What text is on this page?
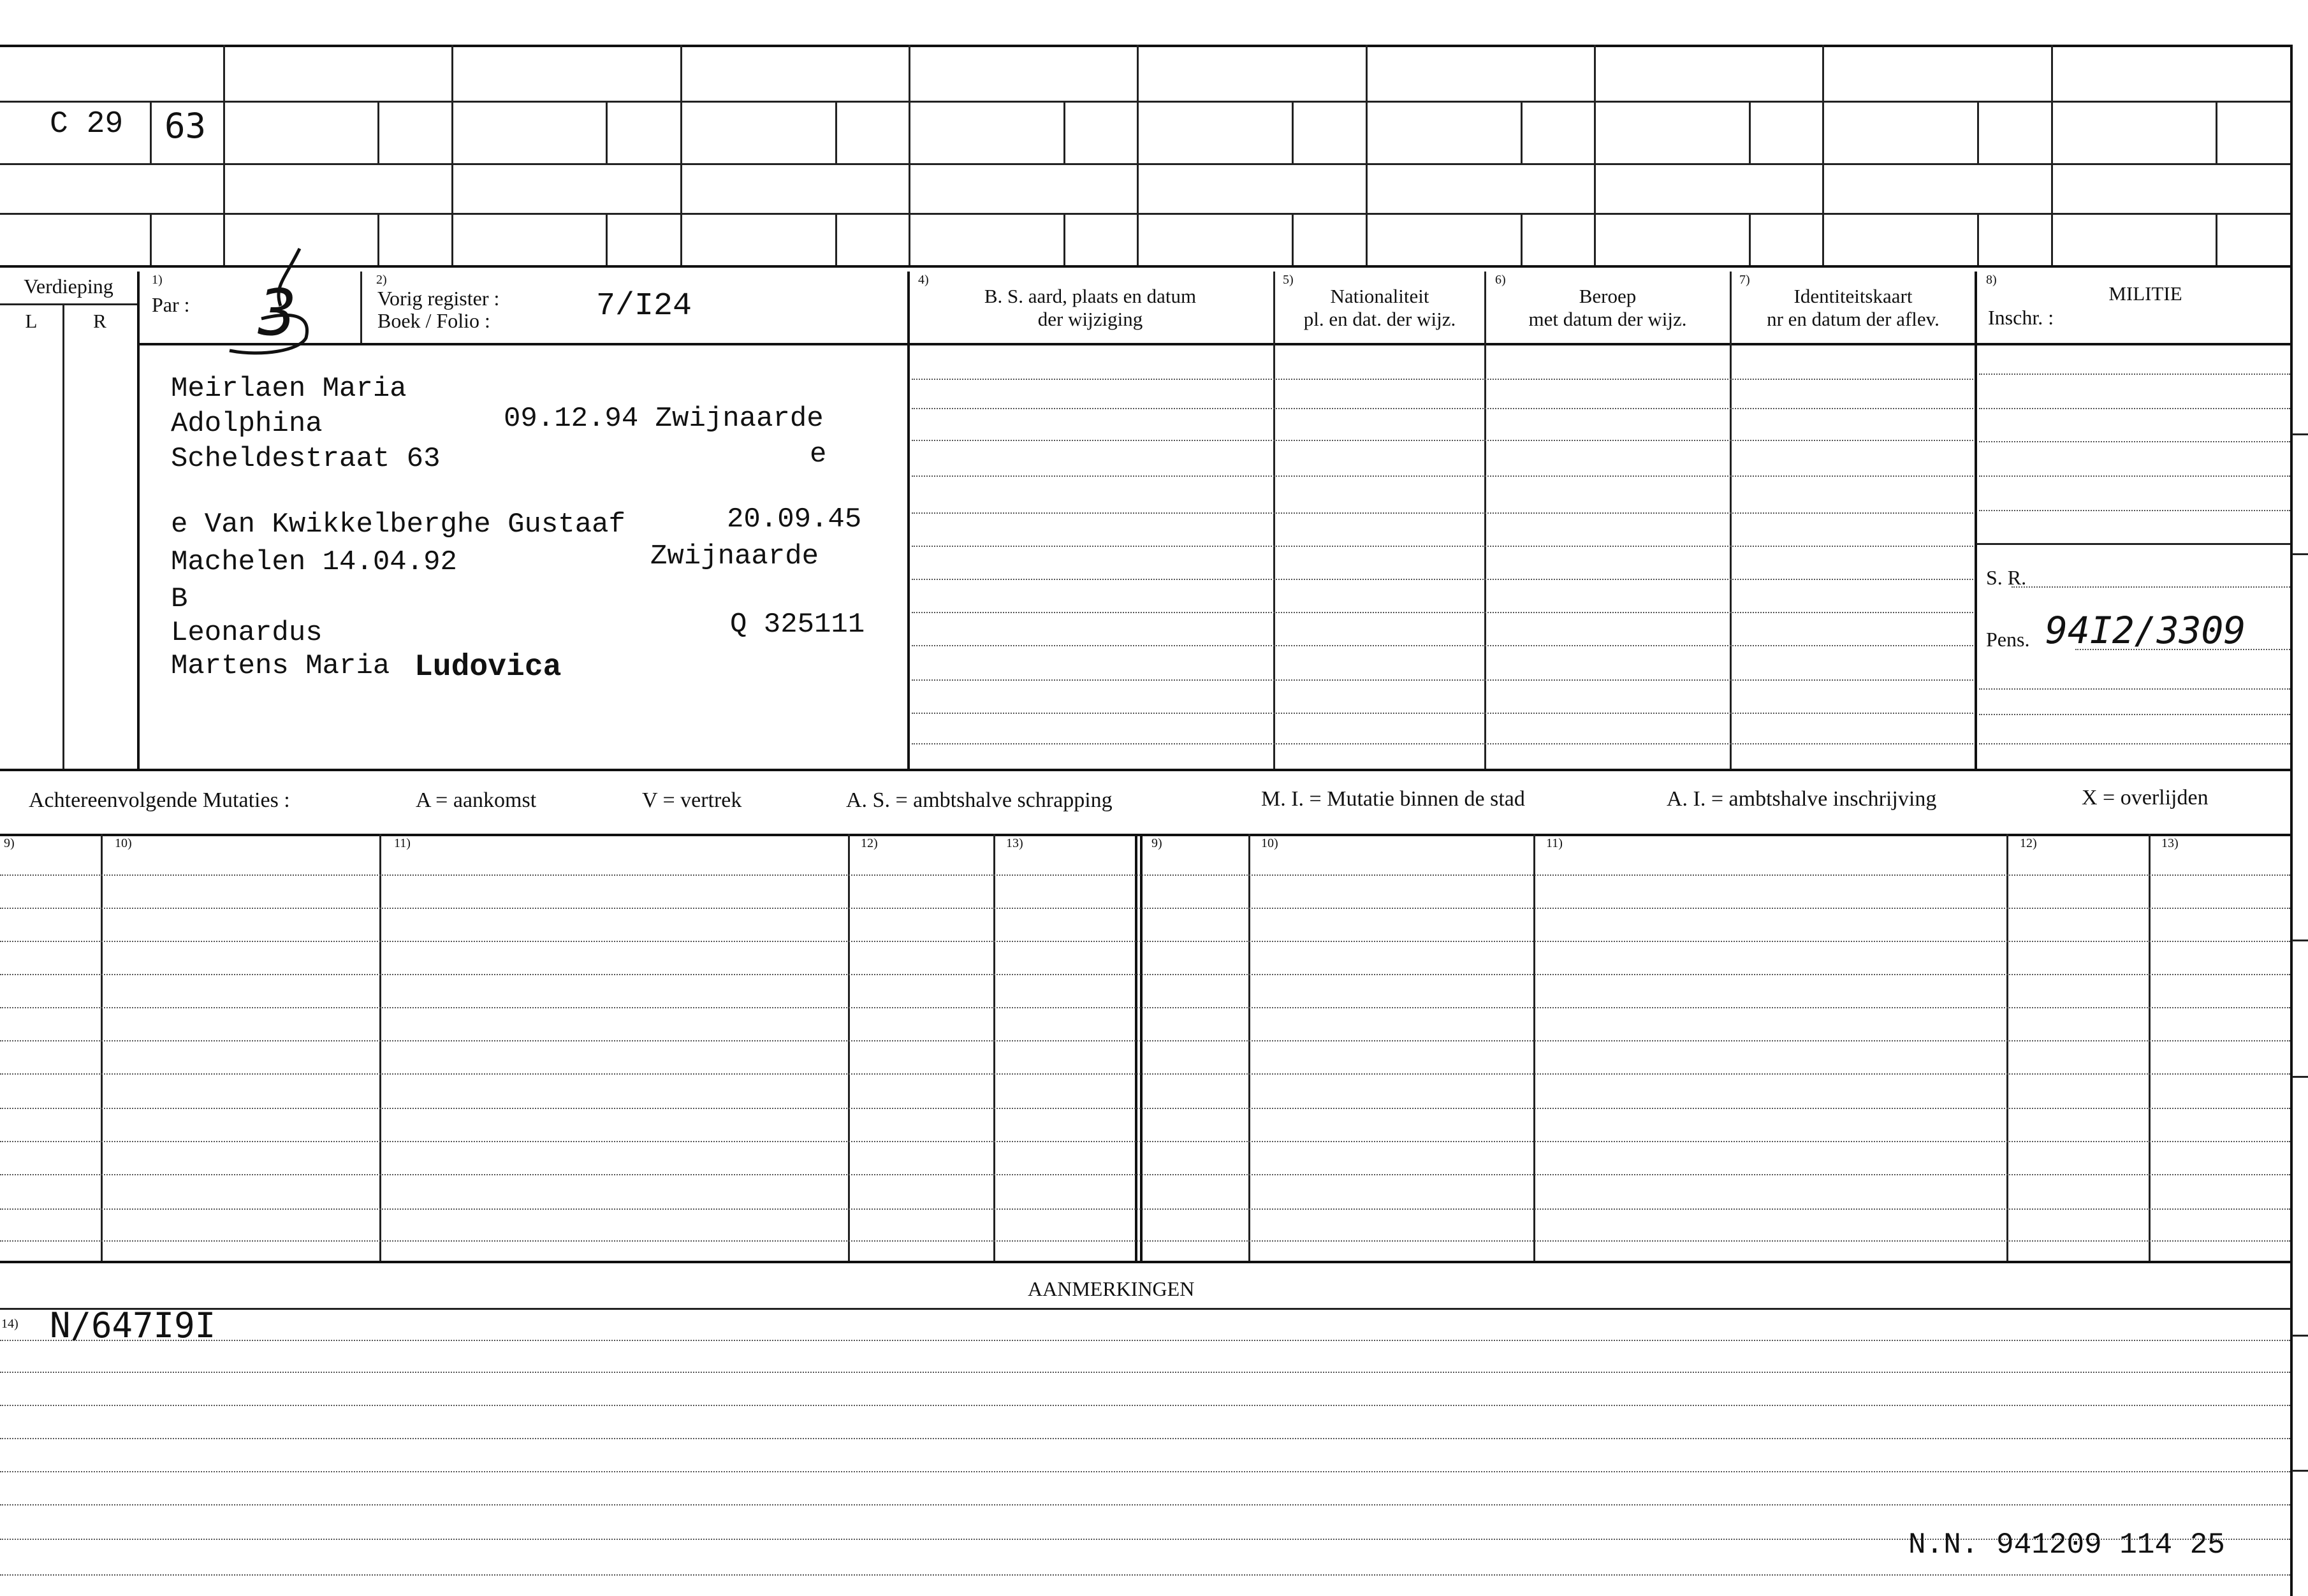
C 29 63
Verdieping
L	R
1)
Par : 3	2)
Vorig register :
Boek / Folio :	7/I24
4)
B. S. aard, plaats en datum
der wijziging
5)
Nationaliteit
pl. en dat. der wijz.
6)
Beroep
met datum der wijz.
7)
Identiteitskaart
nr en datum der aflev.
8)
MILITIE
Inschr. :
Meirlaen Maria
Adolphina	09.12.94 Zwijnaarde
Scheldestraat 63	e
e Van Kwikkelberghe Gustaaf	20.09.45
Machelen 14.04.92	Zwijnaarde
B
Leonardus	Q 325111
Martens Maria Ludovica
S. R.
Pens. 94I2/3309
Achtereenvolgende Mutaties :	A = aankomst	V = vertrek	A. S. = ambtshalve schrapping	M. I. = Mutatie binnen de stad	A. I. = ambtshalve inschrijving	X = overlijden
9)	10)	11)	12)	13)	9)	10)	11)	12)	13)
AANMERKINGEN
14) N/647I9I
N.N. 941209 114 25
